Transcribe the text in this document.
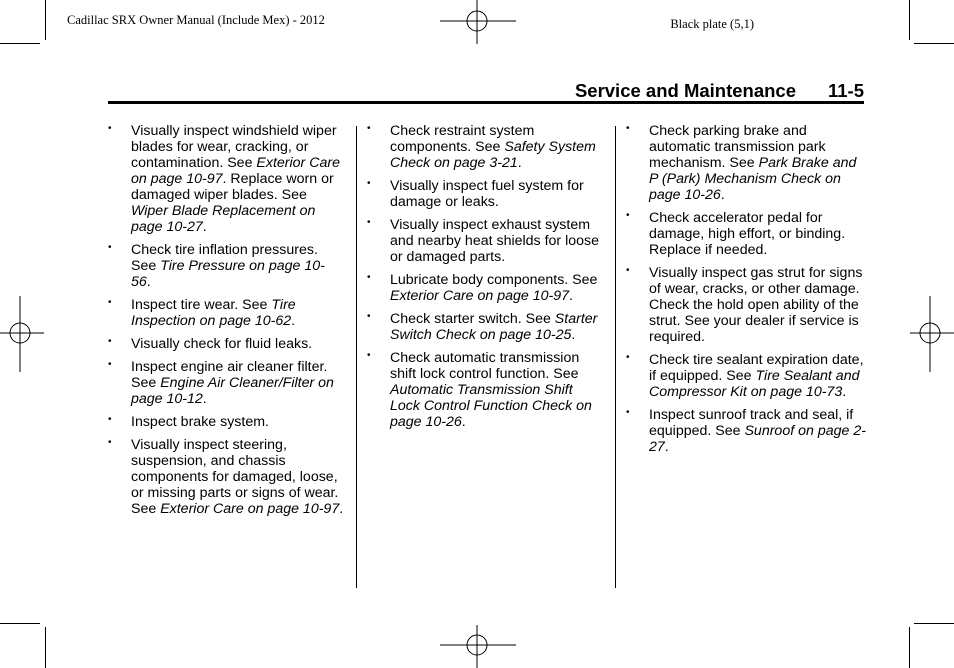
Cadillac SRX Owner Manual (Include Mex) - 2012	Black plate (5,1)
Service and Maintenance 11-5
• Visually inspect windshield wiper blades for wear, cracking, or contamination. See Exterior Care on page 10-97. Replace worn or damaged wiper blades. See Wiper Blade Replacement on page 10-27.
• Check tire inflation pressures. See Tire Pressure on page 10-56.
• Inspect tire wear. See Tire Inspection on page 10-62.
• Visually check for fluid leaks.
• Inspect engine air cleaner filter. See Engine Air Cleaner/Filter on page 10-12.
• Inspect brake system.
• Visually inspect steering, suspension, and chassis components for damaged, loose, or missing parts or signs of wear. See Exterior Care on page 10-97.
• Check restraint system components. See Safety System Check on page 3-21.
• Visually inspect fuel system for damage or leaks.
• Visually inspect exhaust system and nearby heat shields for loose or damaged parts.
• Lubricate body components. See Exterior Care on page 10-97.
• Check starter switch. See Starter Switch Check on page 10-25.
• Check automatic transmission shift lock control function. See Automatic Transmission Shift Lock Control Function Check on page 10-26.
• Check parking brake and automatic transmission park mechanism. See Park Brake and P (Park) Mechanism Check on page 10-26.
• Check accelerator pedal for damage, high effort, or binding. Replace if needed.
• Visually inspect gas strut for signs of wear, cracks, or other damage. Check the hold open ability of the strut. See your dealer if service is required.
• Check tire sealant expiration date, if equipped. See Tire Sealant and Compressor Kit on page 10-73.
• Inspect sunroof track and seal, if equipped. See Sunroof on page 2-27.
